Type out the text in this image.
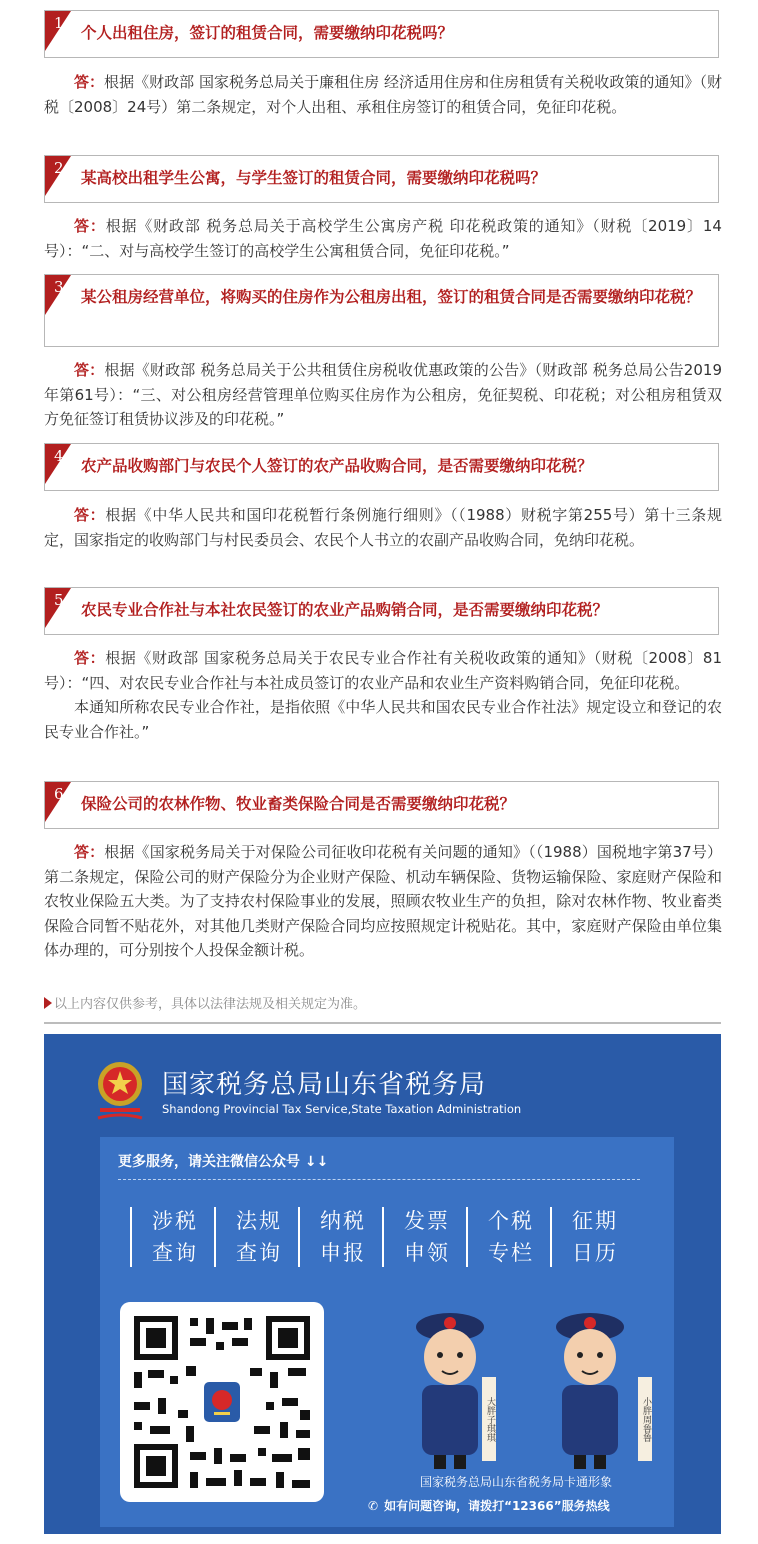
1
个人出租住房，签订的租赁合同，需要缴纳印花税吗？

答：根据《财政部 国家税务总局关于廉租住房 经济适用住房和住房租赁有关税收政策的通知》（财税〔2008〕24号）第二条规定，对个人出租、承租住房签订的租赁合同，免征印花税。

2
某高校出租学生公寓，与学生签订的租赁合同，需要缴纳印花税吗？

答：根据《财政部 税务总局关于高校学生公寓房产税 印花税政策的通知》（财税〔2019〕14号）：“二、对与高校学生签订的高校学生公寓租赁合同，免征印花税。”

3
某公租房经营单位，将购买的住房作为公租房出租，签订的租赁合同是否需要缴纳印花税？

答：根据《财政部 税务总局关于公共租赁住房税收优惠政策的公告》（财政部 税务总局公告2019年第61号）：“三、对公租房经营管理单位购买住房作为公租房，免征契税、印花税；对公租房租赁双方免征签订租赁协议涉及的印花税。”

4
农产品收购部门与农民个人签订的农产品收购合同，是否需要缴纳印花税？

答：根据《中华人民共和国印花税暂行条例施行细则》（（1988）财税字第255号）第十三条规定，国家指定的收购部门与村民委员会、农民个人书立的农副产品收购合同，免纳印花税。

5
农民专业合作社与本社农民签订的农业产品购销合同，是否需要缴纳印花税？

答：根据《财政部 国家税务总局关于农民专业合作社有关税收政策的通知》（财税〔2008〕81号）：“四、对农民专业合作社与本社成员签订的农业产品和农业生产资料购销合同，免征印花税。

本通知所称农民专业合作社，是指依照《中华人民共和国农民专业合作社法》规定设立和登记的农民专业合作社。”

6
保险公司的农林作物、牧业畜类保险合同是否需要缴纳印花税？

答：根据《国家税务局关于对保险公司征收印花税有关问题的通知》（（1988）国税地字第37号）第二条规定，保险公司的财产保险分为企业财产保险、机动车辆保险、货物运输保险、家庭财产保险和农牧业保险五大类。为了支持农村保险事业的发展，照顾农牧业生产的负担，除对农林作物、牧业畜类保险合同暂不贴花外，对其他几类财产保险合同均应按照规定计税贴花。其中，家庭财产保险由单位集体办理的，可分别按个人投保金额计税。

以上内容仅供参考，具体以法律法规及相关规定为准。
国家税务总局山东省税务局
Shandong Provincial Tax Service,State Taxation Administration
更多服务，请关注微信公众号 ↓↓
涉税
查询
法规
查询
纳税
申报
发票
申领
个税
专栏
征期
日历
大胖子琪琪	小胖周鲁鲁
国家税务总局山东省税务局卡通形象
✆ 如有问题咨询，请拨打“12366”服务热线
